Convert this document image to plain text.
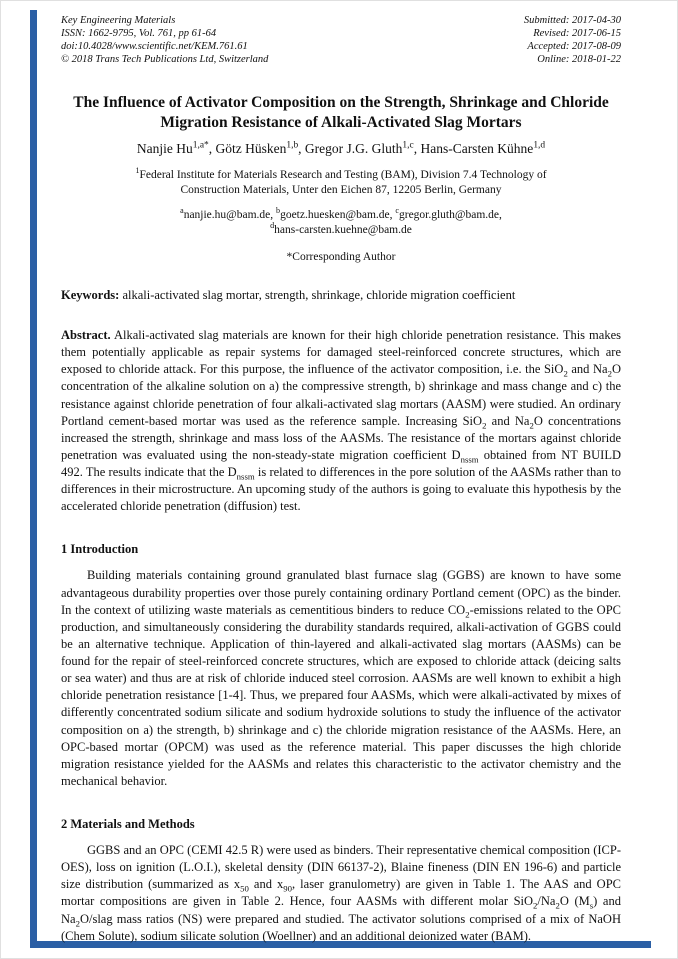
Key Engineering Materials
ISSN: 1662-9795, Vol. 761, pp 61-64
doi:10.4028/www.scientific.net/KEM.761.61
© 2018 Trans Tech Publications Ltd, Switzerland
Submitted: 2017-04-30
Revised: 2017-06-15
Accepted: 2017-08-09
Online: 2018-01-22
The Influence of Activator Composition on the Strength, Shrinkage and Chloride Migration Resistance of Alkali-Activated Slag Mortars
Nanjie $Hu^{1,a*}$, Götz Hüsken$^{1,b}$, Gregor J.G. Gluth$^{1,c}$, Hans-Carsten Kühne$^{1,d}$
$^1$Federal Institute for Materials Research and Testing (BAM), Division 7.4 Technology of Construction Materials, Unter den Eichen 87, 12205 Berlin, Germany
$^a$nanjie.hu@bam.de, $^b$goetz.huesken@bam.de, $^c$gregor.gluth@bam.de,
$^d$hans-carsten.kuehne@bam.de
*Corresponding Author

Keywords: alkali-activated slag mortar, strength, shrinkage, chloride migration coefficient

Abstract. Alkali-activated slag materials are known for their high chloride penetration resistance. This makes them potentially applicable as repair systems for damaged steel-reinforced concrete structures, which are exposed to chloride attack. For this purpose, the influence of the activator composition, i.e. the SiO$_2$ and $Na_2O$ concentration of the alkaline solution on a) the compressive strength, b) shrinkage and mass change and c) the resistance against chloride penetration of four alkali-activated slag mortars (AASM) were studied. An ordinary Portland cement-based mortar was used as the reference sample. Increasing SiO$_2$ and $Na_2O$ concentrations increased the strength, shrinkage and mass loss of the AASMs. The resistance of the mortars against chloride penetration was evaluated using the non-steady-state migration coefficient $D_{nssm}$ obtained from NT BUILD 492. The results indicate that the $D_{nssm}$ is related to differences in the pore solution of the AASMs rather than to differences in their microstructure. An upcoming study of the authors is going to evaluate this hypothesis by the accelerated chloride penetration (diffusion) test.

1 Introduction

Building materials containing ground granulated blast furnace slag (GGBS) are known to have some advantageous durability properties over those purely containing ordinary Portland cement (OPC) as the binder. In the context of utilizing waste materials as cementitious binders to reduce $CO_2$-emissions related to the OPC production, and simultaneously considering the durability standards required, alkali-activation of GGBS could be an alternative technique. Application of thin-layered and alkali-activated slag mortars (AASMs) can be found for the repair of steel-reinforced concrete structures, which are exposed to chloride attack (deicing salts or sea water) and thus are at risk of chloride induced steel corrosion. AASMs are well known to exhibit a high chloride penetration resistance [1-4]. Thus, we prepared four AASMs, which were alkali-activated by mixes of differently concentrated sodium silicate and sodium hydroxide solutions to study the influence of the activator composition on a) the strength, b) shrinkage and c) the chloride migration resistance of the AASMs. Here, an OPC-based mortar (OPCM) was used as the reference material. This paper discusses the high chloride migration resistance yielded for the AASMs and relates this characteristic to the activator chemistry and the mechanical behavior.

2 Materials and Methods

GGBS and an OPC (CEMI 42.5 R) were used as binders. Their representative chemical composition (ICP-OES), loss on ignition (L.O.I.), skeletal density (DIN 66137-2), Blaine fineness (DIN EN 196-6) and particle size distribution (summarized as $x_{50}$ and $x_{90}$, laser granulometry) are given in Table 1. The AAS and OPC mortar compositions are given in Table 2. Hence, four AASMs with different molar $SiO_2/Na_2O$ $(M_s)$ and $Na_2O$/slag mass ratios (NS) were prepared and studied. The activator solutions comprised of a mix of NaOH (Chem Solute), sodium silicate solution (Woellner) and an additional deionized water (BAM).
